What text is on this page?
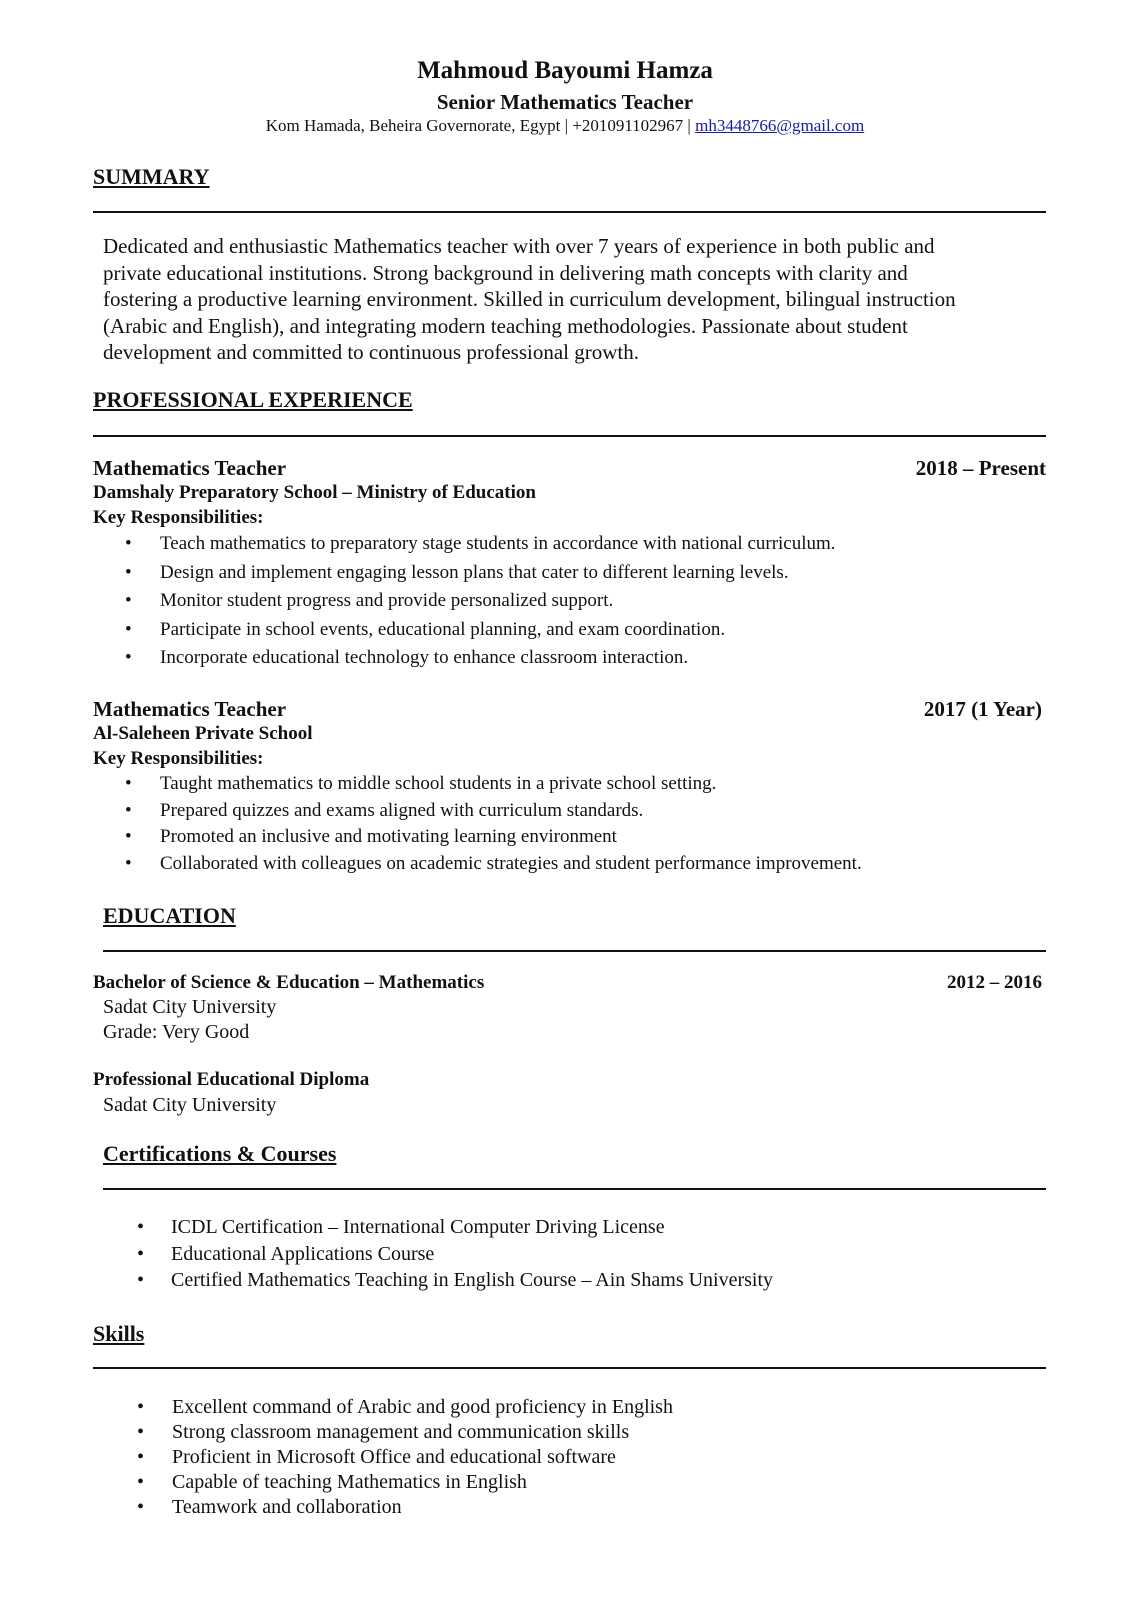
Mahmoud Bayoumi Hamza
Senior Mathematics Teacher
Kom Hamada, Beheira Governorate, Egypt | +201091102967 | mh3448766@gmail.com
SUMMARY
Dedicated and enthusiastic Mathematics teacher with over 7 years of experience in both public and
private educational institutions. Strong background in delivering math concepts with clarity and
fostering a productive learning environment. Skilled in curriculum development, bilingual instruction
(Arabic and English), and integrating modern teaching methodologies. Passionate about student
development and committed to continuous professional growth.
PROFESSIONAL EXPERIENCE
Mathematics Teacher	2018 – Present
Damshaly Preparatory School – Ministry of Education
Key Responsibilities:
• Teach mathematics to preparatory stage students in accordance with national curriculum.
• Design and implement engaging lesson plans that cater to different learning levels.
• Monitor student progress and provide personalized support.
• Participate in school events, educational planning, and exam coordination.
• Incorporate educational technology to enhance classroom interaction.
Mathematics Teacher	2017 (1 Year)
Al-Saleheen Private School
Key Responsibilities:
• Taught mathematics to middle school students in a private school setting.
• Prepared quizzes and exams aligned with curriculum standards.
• Promoted an inclusive and motivating learning environment
• Collaborated with colleagues on academic strategies and student performance improvement.
EDUCATION
Bachelor of Science & Education – Mathematics	2012 – 2016
Sadat City University
Grade: Very Good
Professional Educational Diploma
Sadat City University
Certifications & Courses
• ICDL Certification – International Computer Driving License
• Educational Applications Course
• Certified Mathematics Teaching in English Course – Ain Shams University
Skills
• Excellent command of Arabic and good proficiency in English
• Strong classroom management and communication skills
• Proficient in Microsoft Office and educational software
• Capable of teaching Mathematics in English
• Teamwork and collaboration
